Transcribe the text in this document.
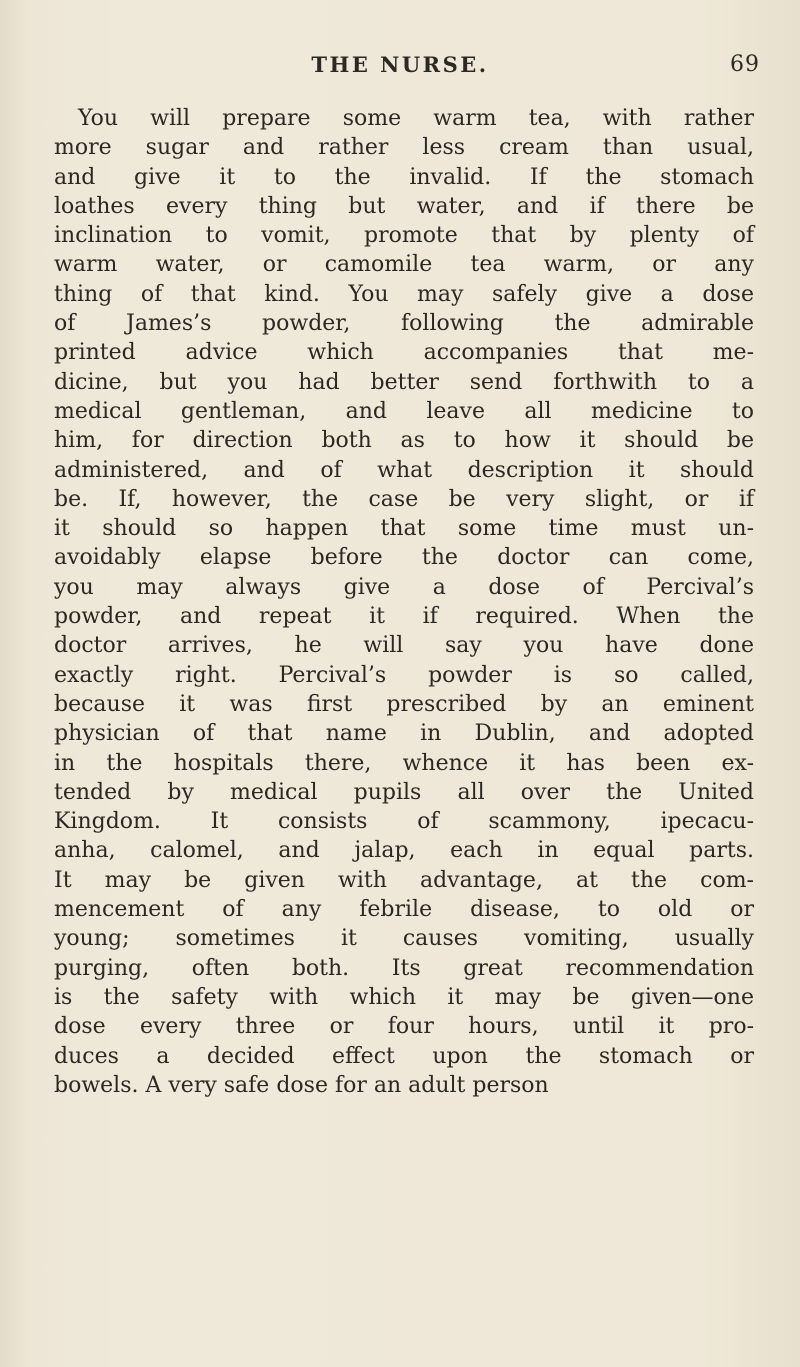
THE NURSE.	69
You will prepare some warm tea, with rather
more sugar and rather less cream than usual,
and give it to the invalid. If the stomach
loathes every thing but water, and if there be
inclination to vomit, promote that by plenty of
warm water, or camomile tea warm, or any
thing of that kind. You may safely give a dose
of James’s powder, following the admirable
printed advice which accompanies that me-
dicine, but you had better send forthwith to a
medical gentleman, and leave all medicine to
him, for direction both as to how it should be
administered, and of what description it should
be. If, however, the case be very slight, or if
it should so happen that some time must un-
avoidably elapse before the doctor can come,
you may always give a dose of Percival’s
powder, and repeat it if required. When the
doctor arrives, he will say you have done
exactly right. Percival’s powder is so called,
because it was first prescribed by an eminent
physician of that name in Dublin, and adopted
in the hospitals there, whence it has been ex-
tended by medical pupils all over the United
Kingdom. It consists of scammony, ipecacu-
anha, calomel, and jalap, each in equal parts.
It may be given with advantage, at the com-
mencement of any febrile disease, to old or
young; sometimes it causes vomiting, usually
purging, often both. Its great recommendation
is the safety with which it may be given—one
dose every three or four hours, until it pro-
duces a decided effect upon the stomach or
bowels. A very safe dose for an adult person
